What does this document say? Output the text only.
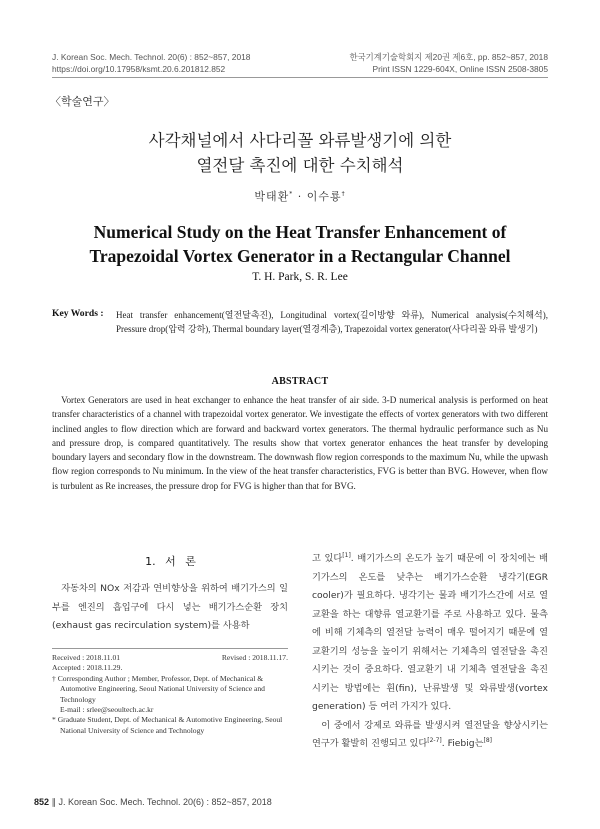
J. Korean Soc. Mech. Technol. 20(6) : 852~857, 2018	한국기계기술학회지 제20권 제6호, pp. 852~857, 2018
https://doi.org/10.17958/ksmt.20.6.201812.852	Print ISSN 1229-604X, Online ISSN 2508-3805
〈학술연구〉
사각채널에서 사다리꼴 와류발생기에 의한
열전달 촉진에 대한 수치해석
박태환* · 이수룡†
Numerical Study on the Heat Transfer Enhancement of
Trapezoidal Vortex Generator in a Rectangular Channel
T. H. Park, S. R. Lee
Key Words : Heat transfer enhancement(열전달촉진), Longitudinal vortex(길이방향 와류), Numerical analysis(수치해석), Pressure drop(압력 강하), Thermal boundary layer(열경계층), Trapezoidal vortex generator(사다리꼴 와류 발생기)
ABSTRACT
Vortex Generators are used in heat exchanger to enhance the heat transfer of air side. 3-D numerical analysis is performed on heat transfer characteristics of a channel with trapezoidal vortex generator. We investigate the effects of vortex generators with two different inclined angles to flow direction which are forward and backward vortex generators. The thermal hydraulic performance such as Nu and pressure drop, is compared quantitatively. The results show that vortex generator enhances the heat transfer by developing boundary layers and secondary flow in the downstream. The downwash flow region corresponds to the maximum Nu, while the upwash flow region corresponds to Nu minimum. In the view of the heat transfer characteristics, FVG is better than BVG. However, when flow is turbulent as Re increases, the pressure drop for FVG is higher than that for BVG.
1. 서 론
자동차의 NOx 저감과 연비향상을 위하여 배기가스의 일부를 엔진의 흡입구에 다시 넣는 배기가스순환 장치(exhaust gas recirculation system)를 사용하
Received : 2018.11.01	Revised : 2018.11.17.
Accepted : 2018.11.29.
† Corresponding Author ; Member, Professor, Dept. of Mechanical & Automotive Engineering, Seoul National University of Science and Technology
E-mail : srlee@seoultech.ac.kr
* Graduate Student, Dept. of Mechanical & Automotive Engineering, Seoul National University of Science and Technology

고 있다[1]. 배기가스의 온도가 높기 때문에 이 장치에는 배기가스의 온도를 낮추는 배기가스순환 냉각기(EGR cooler)가 필요하다. 냉각기는 물과 배기가스간에 서로 열교환을 하는 대향류 열교환기를 주로 사용하고 있다. 물측에 비해 기체측의 열전달 능력이 매우 떨어지기 때문에 열교환기의 성능을 높이기 위해서는 기체측의 열전달을 촉진시키는 것이 중요하다. 열교환기 내 기체측 열전달을 촉진시키는 방법에는 휜(fin), 난류발생 및 와류발생(vortex generation) 등 여러 가지가 있다.

이 중에서 강제로 와류를 발생시켜 열전달을 향상시키는 연구가 활발히 진행되고 있다[2-7]. Fiebig는[8]

852 ∥ J. Korean Soc. Mech. Technol. 20(6) : 852~857, 2018
